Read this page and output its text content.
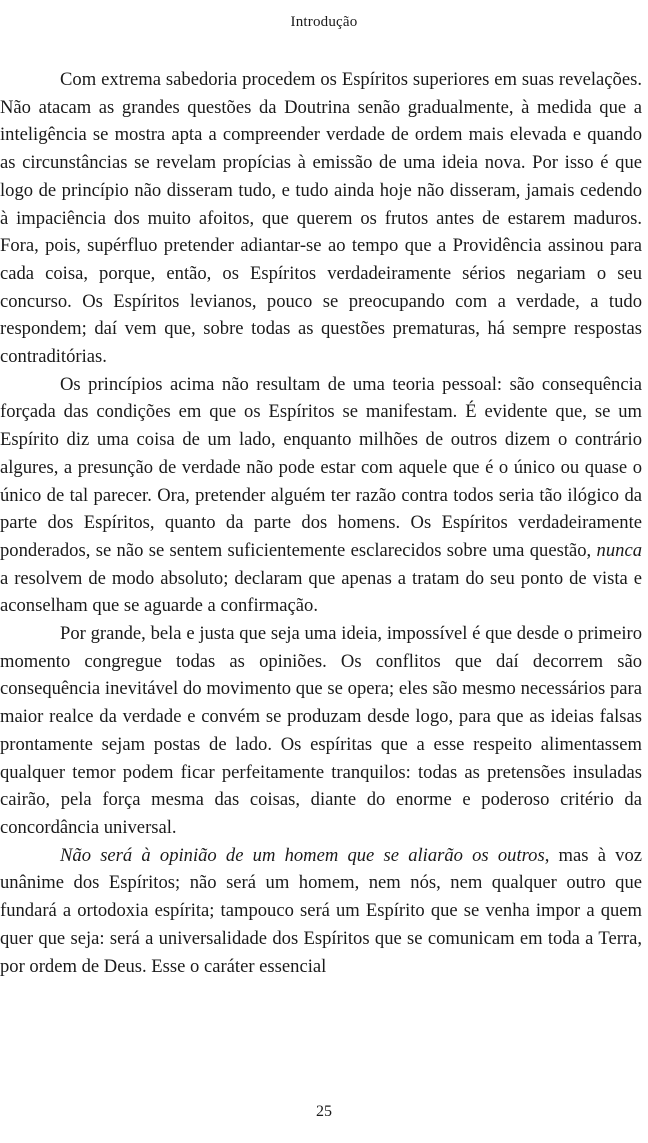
Introdução

Com extrema sabedoria procedem os Espíritos superiores em suas revelações. Não atacam as grandes questões da Doutrina senão gradualmente, à medida que a inteligência se mostra apta a compreender verdade de ordem mais elevada e quando as circunstâncias se revelam propícias à emissão de uma ideia nova. Por isso é que logo de princípio não disseram tudo, e tudo ainda hoje não disseram, jamais cedendo à impaciência dos muito afoitos, que querem os frutos antes de estarem maduros. Fora, pois, supérfluo pretender adiantar-se ao tempo que a Providência assinou para cada coisa, porque, então, os Espíritos verdadeiramente sérios negariam o seu concurso. Os Espíritos levianos, pouco se preocupando com a verdade, a tudo respondem; daí vem que, sobre todas as questões prematuras, há sempre respostas contraditórias.

Os princípios acima não resultam de uma teoria pessoal: são consequência forçada das condições em que os Espíritos se manifestam. É evidente que, se um Espírito diz uma coisa de um lado, enquanto milhões de outros dizem o contrário algures, a presunção de verdade não pode estar com aquele que é o único ou quase o único de tal parecer. Ora, pretender alguém ter razão contra todos seria tão ilógico da parte dos Espíritos, quanto da parte dos homens. Os Espíritos verdadeiramente ponderados, se não se sentem suficientemente esclarecidos sobre uma questão, nunca a resolvem de modo absoluto; declaram que apenas a tratam do seu ponto de vista e aconselham que se aguarde a confirmação.

Por grande, bela e justa que seja uma ideia, impossível é que desde o primeiro momento congregue todas as opiniões. Os conflitos que daí decorrem são consequência inevitável do movimento que se opera; eles são mesmo necessários para maior realce da verdade e convém se produzam desde logo, para que as ideias falsas prontamente sejam postas de lado. Os espíritas que a esse respeito alimentassem qualquer temor podem ficar perfeitamente tranquilos: todas as pretensões insuladas cairão, pela força mesma das coisas, diante do enorme e poderoso critério da concordância universal.

Não será à opinião de um homem que se aliarão os outros, mas à voz unânime dos Espíritos; não será um homem, nem nós, nem qualquer outro que fundará a ortodoxia espírita; tampouco será um Espírito que se venha impor a quem quer que seja: será a universalidade dos Espíritos que se comunicam em toda a Terra, por ordem de Deus. Esse o caráter essencial

25
